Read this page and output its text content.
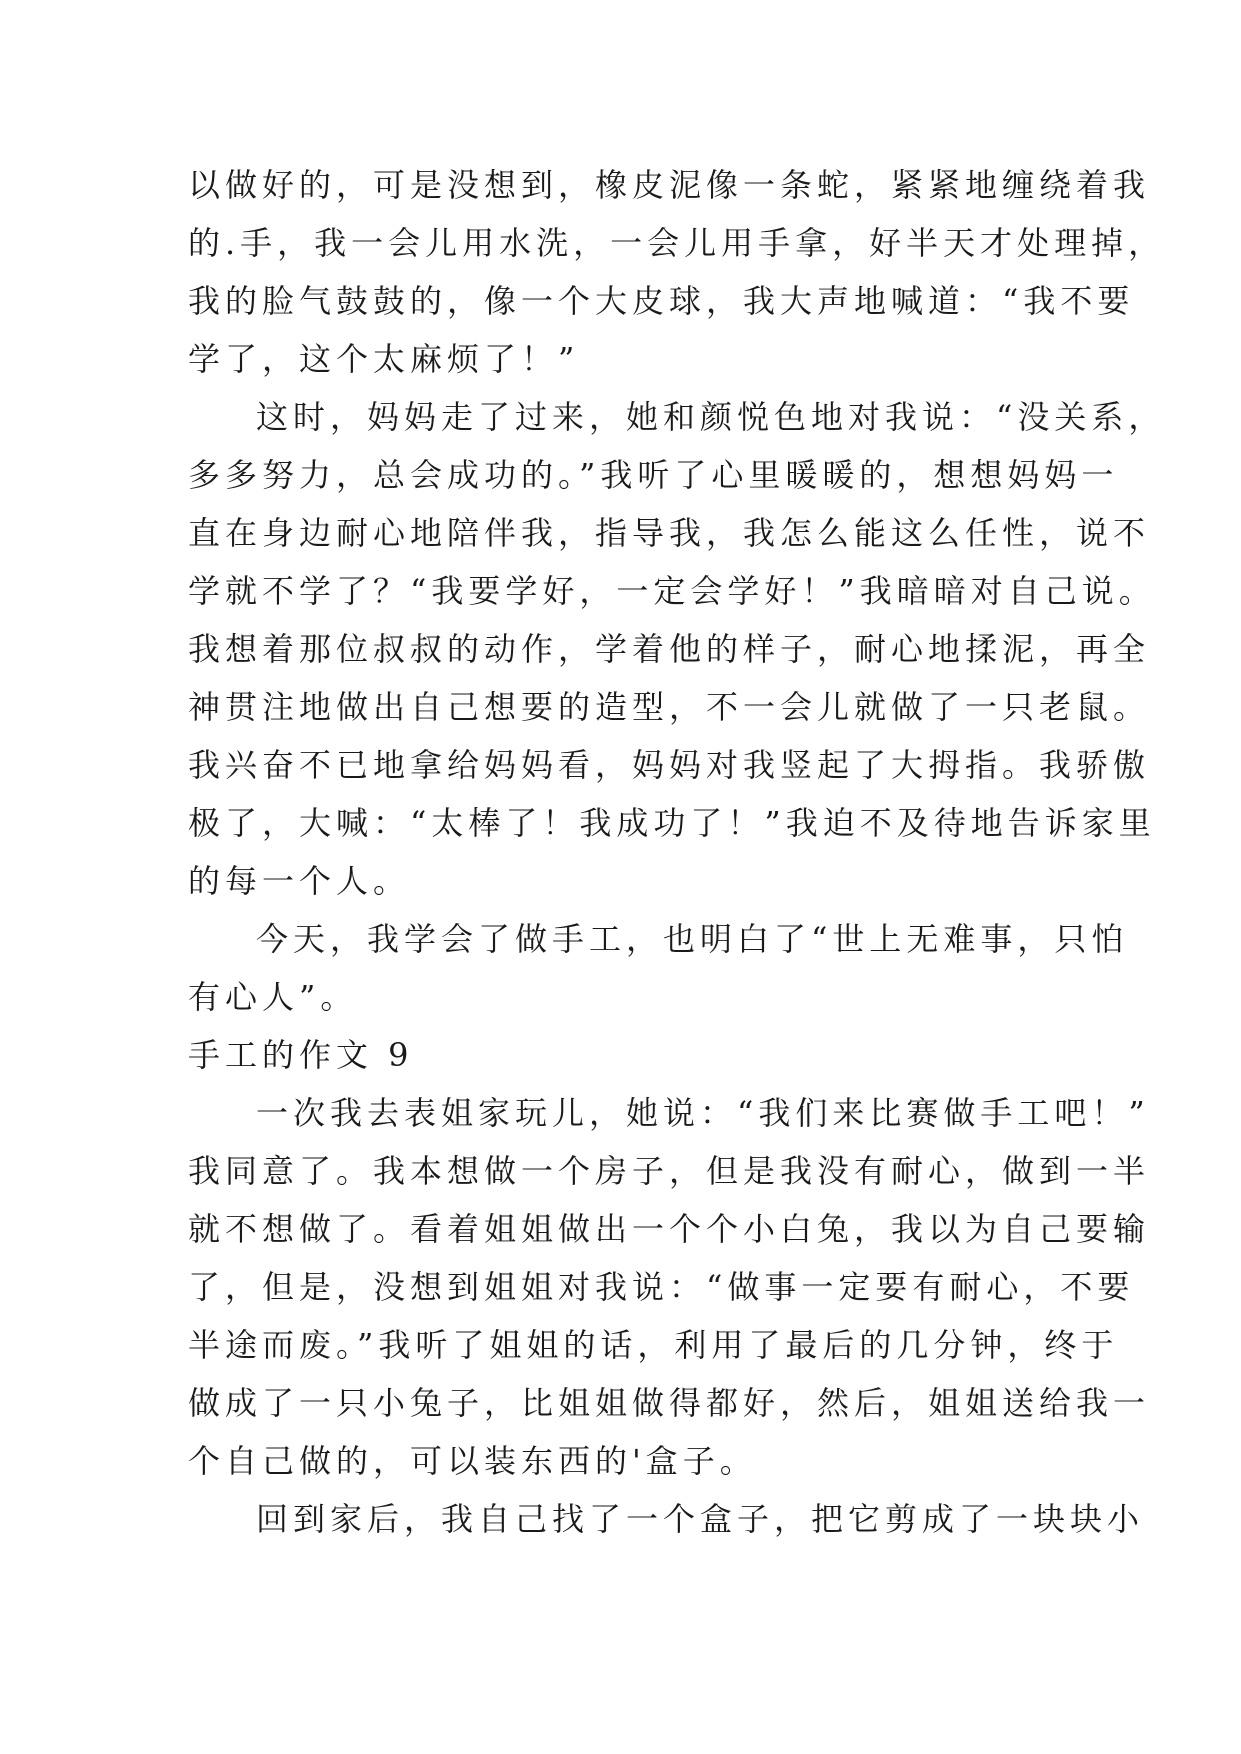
以做好的，可是没想到，橡皮泥像一条蛇，紧紧地缠绕着我
的.手，我一会儿用水洗，一会儿用手拿，好半天才处理掉，
我的脸气鼓鼓的，像一个大皮球，我大声地喊道：“我不要
学了，这个太麻烦了！”
这时，妈妈走了过来，她和颜悦色地对我说：“没关系，
多多努力，总会成功的。”我听了心里暖暖的，想想妈妈一
直在身边耐心地陪伴我，指导我，我怎么能这么任性，说不
学就不学了？“我要学好，一定会学好！”我暗暗对自己说。
我想着那位叔叔的动作，学着他的样子，耐心地揉泥，再全
神贯注地做出自己想要的造型，不一会儿就做了一只老鼠。
我兴奋不已地拿给妈妈看，妈妈对我竖起了大拇指。我骄傲
极了，大喊：“太棒了！我成功了！”我迫不及待地告诉家里
的每一个人。
今天，我学会了做手工，也明白了“世上无难事，只怕
有心人”。
手工的作文 9
一次我去表姐家玩儿，她说：“我们来比赛做手工吧！”
我同意了。我本想做一个房子，但是我没有耐心，做到一半
就不想做了。看着姐姐做出一个个小白兔，我以为自己要输
了，但是，没想到姐姐对我说：“做事一定要有耐心，不要
半途而废。”我听了姐姐的话，利用了最后的几分钟，终于
做成了一只小兔子，比姐姐做得都好，然后，姐姐送给我一
个自己做的，可以装东西的'盒子。
回到家后，我自己找了一个盒子，把它剪成了一块块小
